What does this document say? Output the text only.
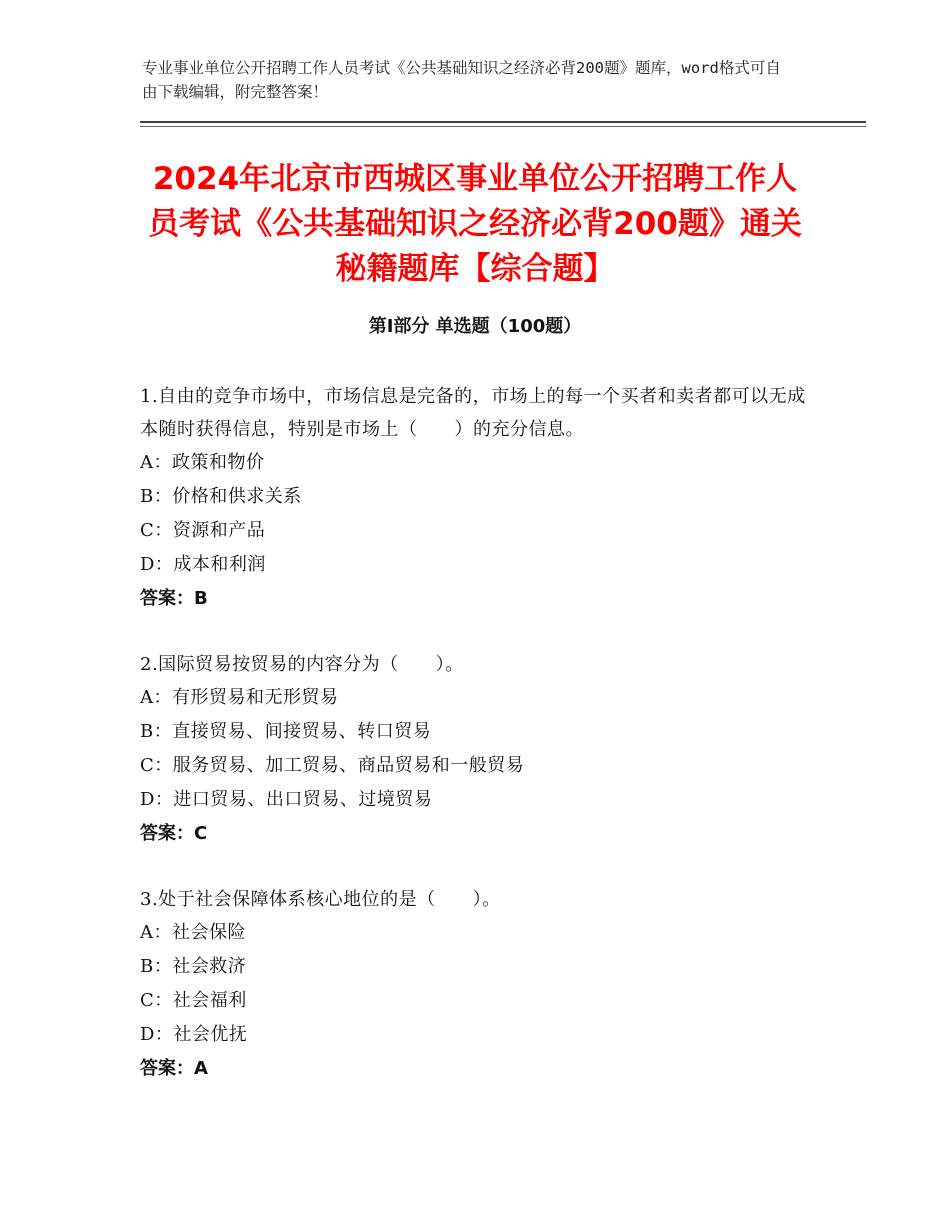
专业事业单位公开招聘工作人员考试《公共基础知识之经济必背200题》题库，word格式可自由下载编辑，附完整答案！
2024年北京市西城区事业单位公开招聘工作人员考试《公共基础知识之经济必背200题》通关秘籍题库【综合题】
第I部分 单选题（100题）

1.自由的竞争市场中，市场信息是完备的，市场上的每一个买者和卖者都可以无成本随时获得信息，特别是市场上（　　）的充分信息。

A：政策和物价

B：价格和供求关系

C：资源和产品

D：成本和利润

答案：B

2.国际贸易按贸易的内容分为（　　）。

A：有形贸易和无形贸易

B：直接贸易、间接贸易、转口贸易

C：服务贸易、加工贸易、商品贸易和一般贸易

D：进口贸易、出口贸易、过境贸易

答案：C

3.处于社会保障体系核心地位的是（　　）。

A：社会保险

B：社会救济

C：社会福利

D：社会优抚

答案：A
